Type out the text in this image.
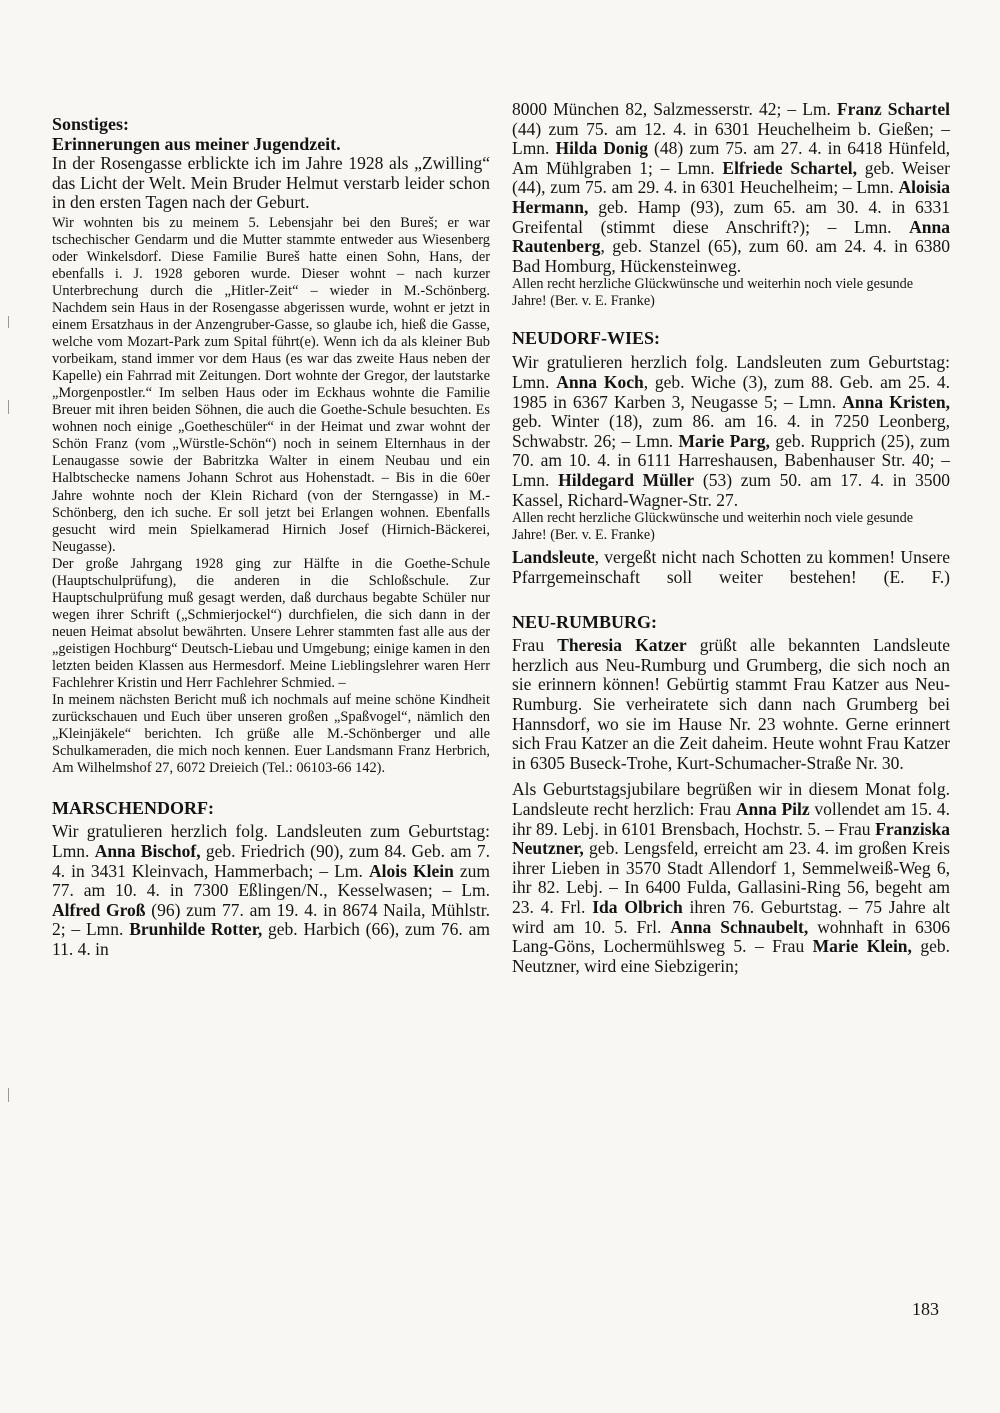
Sonstiges:
Erinnerungen aus meiner Jugendzeit.

In der Rosengasse erblickte ich im Jahre 1928 als „Zwilling“ das Licht der Welt. Mein Bruder Helmut verstarb leider schon in den ersten Tagen nach der Geburt.

Wir wohnten bis zu meinem 5. Lebensjahr bei den Bureš; er war tschechischer Gendarm und die Mutter stammte entweder aus Wiesenberg oder Winkelsdorf. Diese Familie Bureš hatte einen Sohn, Hans, der ebenfalls i. J. 1928 geboren wurde. Dieser wohnt – nach kurzer Unterbrechung durch die „Hitler-Zeit“ – wieder in M.-Schönberg. Nachdem sein Haus in der Rosengasse abgerissen wurde, wohnt er jetzt in einem Ersatzhaus in der Anzengruber-Gasse, so glaube ich, hieß die Gasse, welche vom Mozart-Park zum Spital führt(e). Wenn ich da als kleiner Bub vorbeikam, stand immer vor dem Haus (es war das zweite Haus neben der Kapelle) ein Fahrrad mit Zeitungen. Dort wohnte der Gregor, der lautstarke „Morgenpostler.“ Im selben Haus oder im Eckhaus wohnte die Familie Breuer mit ihren beiden Söhnen, die auch die Goethe-Schule besuchten. Es wohnen noch einige „Goetheschüler“ in der Heimat und zwar wohnt der Schön Franz (vom „Würstle-Schön“) noch in seinem Elternhaus in der Lenaugasse sowie der Babritzka Walter in einem Neubau und ein Halbtschecke namens Johann Schrot aus Hohenstadt. – Bis in die 60er Jahre wohnte noch der Klein Richard (von der Sterngasse) in M.-Schönberg, den ich suche. Er soll jetzt bei Erlangen wohnen. Ebenfalls gesucht wird mein Spielkamerad Hirnich Josef (Hirnich-Bäckerei, Neugasse).

Der große Jahrgang 1928 ging zur Hälfte in die Goethe-Schule (Hauptschulprüfung), die anderen in die Schloßschule. Zur Hauptschulprüfung muß gesagt werden, daß durchaus begabte Schüler nur wegen ihrer Schrift („Schmierjockel“) durchfielen, die sich dann in der neuen Heimat absolut bewährten. Unsere Lehrer stammten fast alle aus der „geistigen Hochburg“ Deutsch-Liebau und Umgebung; einige kamen in den letzten beiden Klassen aus Hermesdorf. Meine Lieblingslehrer waren Herr Fachlehrer Kristin und Herr Fachlehrer Schmied. –

In meinem nächsten Bericht muß ich nochmals auf meine schöne Kindheit zurückschauen und Euch über unseren großen „Spaßvogel“, nämlich den „Kleinjäkele“ berichten. Ich grüße alle M.-Schönberger und alle Schulkameraden, die mich noch kennen. Euer Landsmann Franz Herbrich, Am Wilhelmshof 27, 6072 Dreieich (Tel.: 06103-66 142).

MARSCHENDORF:

Wir gratulieren herzlich folg. Landsleuten zum Geburtstag: Lmn. Anna Bischof, geb. Friedrich (90), zum 84. Geb. am 7. 4. in 3431 Kleinvach, Hammerbach; – Lm. Alois Klein zum 77. am 10. 4. in 7300 Eßlingen/N., Kesselwasen; – Lm. Alfred Groß (96) zum 77. am 19. 4. in 8674 Naila, Mühlstr. 2; – Lmn. Brunhilde Rotter, geb. Harbich (66), zum 76. am 11. 4. in

8000 München 82, Salzmesserstr. 42; – Lm. Franz Schartel (44) zum 75. am 12. 4. in 6301 Heuchelheim b. Gießen; – Lmn. Hilda Donig (48) zum 75. am 27. 4. in 6418 Hünfeld, Am Mühlgraben 1; – Lmn. Elfriede Schartel, geb. Weiser (44), zum 75. am 29. 4. in 6301 Heuchelheim; – Lmn. Aloisia Hermann, geb. Hamp (93), zum 65. am 30. 4. in 6331 Greifental (stimmt diese Anschrift?); – Lmn. Anna Rautenberg, geb. Stanzel (65), zum 60. am 24. 4. in 6380 Bad Homburg, Hückensteinweg.

Allen recht herzliche Glückwünsche und weiterhin noch viele gesunde Jahre! (Ber. v. E. Franke)

NEUDORF-WIES:

Wir gratulieren herzlich folg. Landsleuten zum Geburtstag: Lmn. Anna Koch, geb. Wiche (3), zum 88. Geb. am 25. 4. 1985 in 6367 Karben 3, Neugasse 5; – Lmn. Anna Kristen, geb. Winter (18), zum 86. am 16. 4. in 7250 Leonberg, Schwabstr. 26; – Lmn. Marie Parg, geb. Rupprich (25), zum 70. am 10. 4. in 6111 Harreshausen, Babenhauser Str. 40; – Lmn. Hildegard Müller (53) zum 50. am 17. 4. in 3500 Kassel, Richard-Wagner-Str. 27.

Allen recht herzliche Glückwünsche und weiterhin noch viele gesunde Jahre! (Ber. v. E. Franke)

Landsleute, vergeßt nicht nach Schotten zu kommen! Unsere Pfarrgemeinschaft soll weiter bestehen! (E. F.)

NEU-RUMBURG:

Frau Theresia Katzer grüßt alle bekannten Landsleute herzlich aus Neu-Rumburg und Grumberg, die sich noch an sie erinnern können! Gebürtig stammt Frau Katzer aus Neu-Rumburg. Sie verheiratete sich dann nach Grumberg bei Hannsdorf, wo sie im Hause Nr. 23 wohnte. Gerne erinnert sich Frau Katzer an die Zeit daheim. Heute wohnt Frau Katzer in 6305 Buseck-Trohe, Kurt-Schumacher-Straße Nr. 30.

Als Geburtstagsjubilare begrüßen wir in diesem Monat folg. Landsleute recht herzlich: Frau Anna Pilz vollendet am 15. 4. ihr 89. Lebj. in 6101 Brensbach, Hochstr. 5. – Frau Franziska Neutzner, geb. Lengsfeld, erreicht am 23. 4. im großen Kreis ihrer Lieben in 3570 Stadt Allendorf 1, Semmelweiß-Weg 6, ihr 82. Lebj. – In 6400 Fulda, Gallasini-Ring 56, begeht am 23. 4. Frl. Ida Olbrich ihren 76. Geburtstag. – 75 Jahre alt wird am 10. 5. Frl. Anna Schnaubelt, wohnhaft in 6306 Lang-Göns, Lochermühlsweg 5. – Frau Marie Klein, geb. Neutzner, wird eine Siebzigerin;

183
